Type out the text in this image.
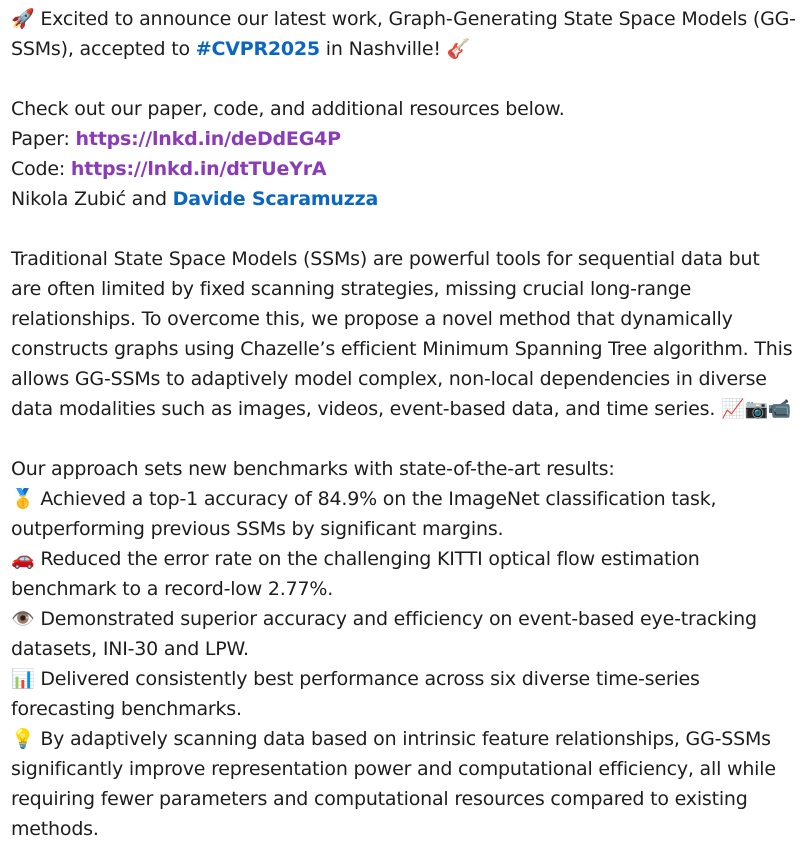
🚀 Excited to announce our latest work, Graph-Generating State Space Models (GG-
SSMs), accepted to #CVPR2025 in Nashville! 🎸
Check out our paper, code, and additional resources below.
Paper: https://lnkd.in/deDdEG4P
Code: https://lnkd.in/dtTUeYrA
Nikola Zubić and Davide Scaramuzza
Traditional State Space Models (SSMs) are powerful tools for sequential data but
are often limited by fixed scanning strategies, missing crucial long-range
relationships. To overcome this, we propose a novel method that dynamically
constructs graphs using Chazelle’s efficient Minimum Spanning Tree algorithm. This
allows GG-SSMs to adaptively model complex, non-local dependencies in diverse
data modalities such as images, videos, event-based data, and time series. 📈📷📹
Our approach sets new benchmarks with state-of-the-art results:
🥇 Achieved a top-1 accuracy of 84.9% on the ImageNet classification task,
outperforming previous SSMs by significant margins.
🚗 Reduced the error rate on the challenging KITTI optical flow estimation
benchmark to a record-low 2.77%.
👁️ Demonstrated superior accuracy and efficiency on event-based eye-tracking
datasets, INI-30 and LPW.
📊 Delivered consistently best performance across six diverse time-series
forecasting benchmarks.
💡 By adaptively scanning data based on intrinsic feature relationships, GG-SSMs
significantly improve representation power and computational efficiency, all while
requiring fewer parameters and computational resources compared to existing
methods.
